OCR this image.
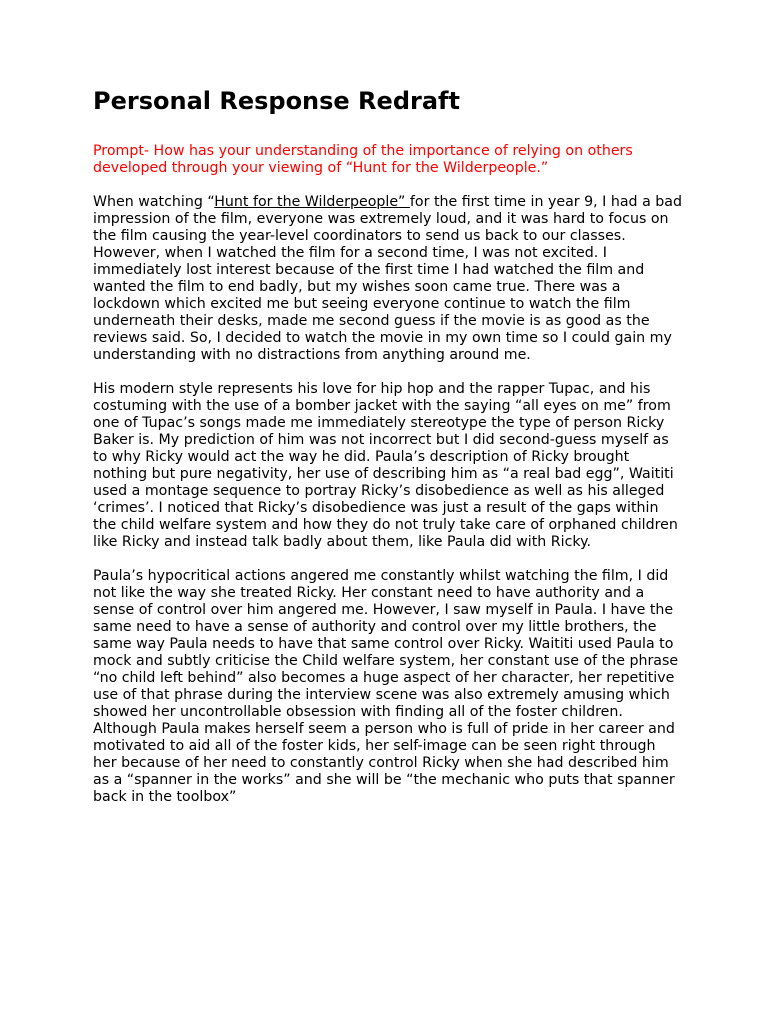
Personal Response Redraft

Prompt- How has your understanding of the importance of relying on others developed through your viewing of “Hunt for the Wilderpeople.”

When watching “Hunt for the Wilderpeople” for the first time in year 9, I had a bad impression of the film, everyone was extremely loud, and it was hard to focus on the film causing the year-level coordinators to send us back to our classes. However, when I watched the film for a second time, I was not excited. I immediately lost interest because of the first time I had watched the film and wanted the film to end badly, but my wishes soon came true. There was a lockdown which excited me but seeing everyone continue to watch the film underneath their desks, made me second guess if the movie is as good as the reviews said. So, I decided to watch the movie in my own time so I could gain my understanding with no distractions from anything around me.

His modern style represents his love for hip hop and the rapper Tupac, and his costuming with the use of a bomber jacket with the saying “all eyes on me” from one of Tupac’s songs made me immediately stereotype the type of person Ricky Baker is. My prediction of him was not incorrect but I did second-guess myself as to why Ricky would act the way he did. Paula’s description of Ricky brought nothing but pure negativity, her use of describing him as “a real bad egg”, Waititi used a montage sequence to portray Ricky’s disobedience as well as his alleged ‘crimes’. I noticed that Ricky’s disobedience was just a result of the gaps within the child welfare system and how they do not truly take care of orphaned children like Ricky and instead talk badly about them, like Paula did with Ricky.

Paula’s hypocritical actions angered me constantly whilst watching the film, I did not like the way she treated Ricky. Her constant need to have authority and a sense of control over him angered me. However, I saw myself in Paula. I have the same need to have a sense of authority and control over my little brothers, the same way Paula needs to have that same control over Ricky. Waititi used Paula to mock and subtly criticise the Child welfare system, her constant use of the phrase “no child left behind” also becomes a huge aspect of her character, her repetitive use of that phrase during the interview scene was also extremely amusing which showed her uncontrollable obsession with finding all of the foster children. Although Paula makes herself seem a person who is full of pride in her career and motivated to aid all of the foster kids, her self-image can be seen right through her because of her need to constantly control Ricky when she had described him as a “spanner in the works” and she will be “the mechanic who puts that spanner back in the toolbox”
